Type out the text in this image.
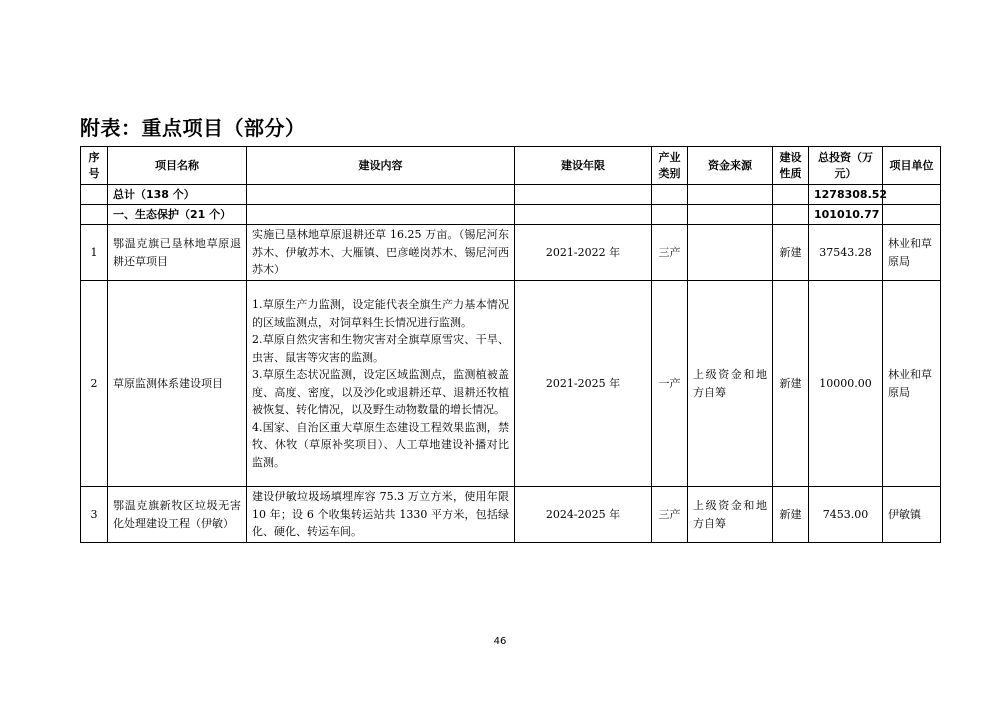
附表：重点项目（部分）
序号	项目名称	建设内容	建设年限	产业类别	资金来源	建设性质	总投资（万元）	项目单位
	总计（138 个）						1278308.52	
	一、生态保护（21 个）						101010.77	
1	鄂温克旗已垦林地草原退耕还草项目	实施已垦林地草原退耕还草 16.25 万亩。（锡尼河东苏木、伊敏苏木、大雁镇、巴彦嵯岗苏木、锡尼河西苏木）	2021-2022 年	三产		新建	37543.28	林业和草原局
2	草原监测体系建设项目	1.草原生产力监测，设定能代表全旗生产力基本情况的区域监测点，对饲草料生长情况进行监测。
2.草原自然灾害和生物灾害对全旗草原雪灾、干旱、虫害、鼠害等灾害的监测。
3.草原生态状况监测，设定区域监测点，监测植被盖度、高度、密度，以及沙化或退耕还草、退耕还牧植被恢复、转化情况，以及野生动物数量的增长情况。
4.国家、自治区重大草原生态建设工程效果监测，禁牧、休牧（草原补奖项目）、人工草地建设补播对比监测。	2021-2025 年	一产	上级资金和地方自筹	新建	10000.00	林业和草原局
3	鄂温克旗新牧区垃圾无害化处理建设工程（伊敏）	建设伊敏垃圾场填埋库容 75.3 万立方米，使用年限 10 年；设 6 个收集转运站共 1330 平方米，包括绿化、硬化、转运车间。	2024-2025 年	三产	上级资金和地方自筹	新建	7453.00	伊敏镇
46
